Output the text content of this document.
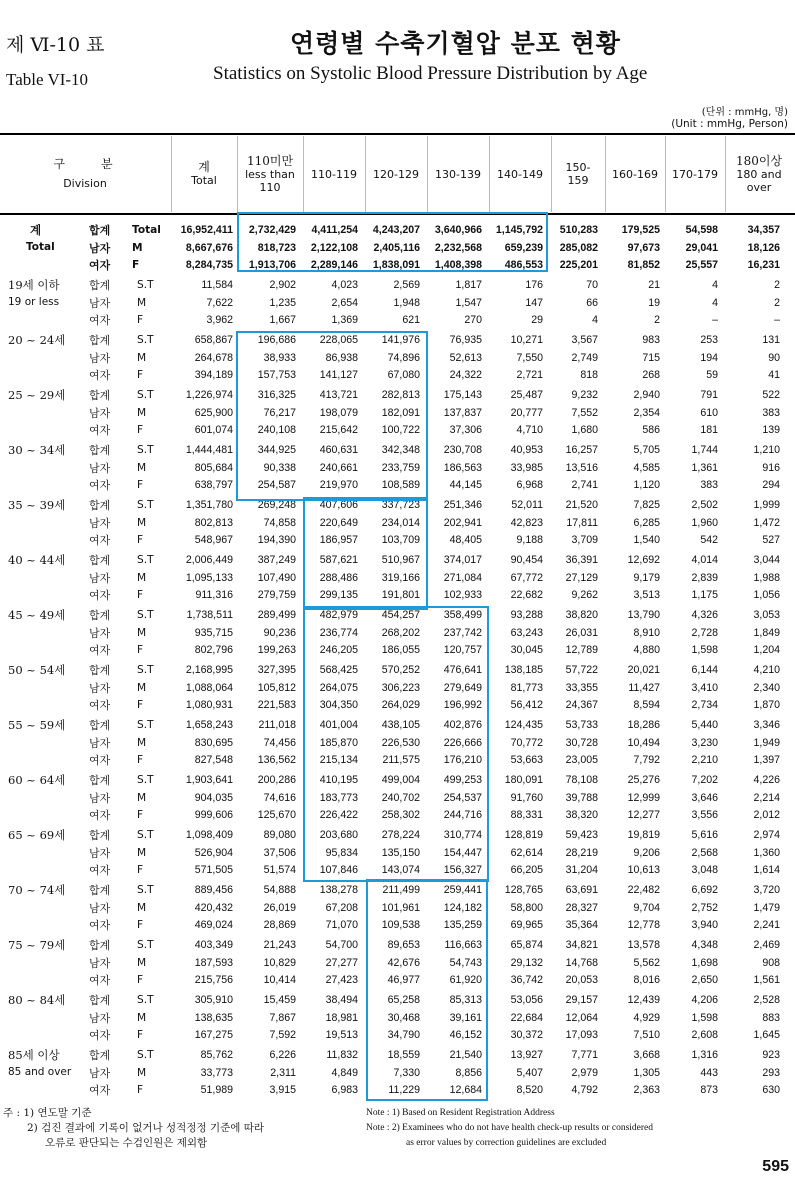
제 Ⅵ-10 표
Table VI-10
연령별 수축기혈압 분포 현황
Statistics on Systolic Blood Pressure Distribution by Age
(단위 : mmHg, 명)
(Unit : mmHg, Person)
구　　분
Division
계
Total
110미만
less than 110
110-119 120-129 130-139 140-149	150-159	160-169 170-179
180이상
180 and over
계
Total
합계 Total 16,952,411 2,732,429 4,411,254 4,243,207 3,640,966 1,145,792 510,283 179,525 54,598	34,357
남자 M	8,667,676 818,723 2,122,108 2,405,116 2,232,568 659,239 285,082	97,673 29,041	18,126
여자 F	8,284,735 1,913,706 2,289,146 1,838,091 1,408,398 486,553 225,201	81,852 25,557	16,231
19세 이하
19 or less
합계	S.T	11,584	2,902	4,023	2,569	1,817	176	70	21	4	2
남자	M	7,622	1,235	2,654	1,948	1,547	147	66	19	4	2
여자	F	3,962	1,667	1,369	621	270	29	4	2	–	–
20 ~ 24세 합계	S.T	658,867 196,686 228,065 141,976	76,935	10,271	3,567	983	253	131
남자	M	264,678	38,933	86,938	74,896	52,613	7,550	2,749	715	194	90
여자	F	394,189 157,753 141,127	67,080	24,322	2,721	818	268	59	41
25 ~ 29세 합계	S.T	1,226,974 316,325 413,721 282,813 175,143	25,487	9,232	2,940	791	522
남자	M	625,900	76,217 198,079 182,091 137,837	20,777	7,552	2,354	610	383
여자	F	601,074 240,108 215,642 100,722	37,306	4,710	1,680	586	181	139
30 ~ 34세 합계	S.T	1,444,481 344,925 460,631 342,348 230,708	40,953 16,257	5,705	1,744	1,210
남자	M	805,684	90,338 240,661 233,759 186,563	33,985 13,516	4,585	1,361	916
여자	F	638,797 254,587 219,970 108,589	44,145	6,968	2,741	1,120	383	294
35 ~ 39세 합계	S.T	1,351,780 269,248 407,606 337,723 251,346	52,011 21,520	7,825	2,502	1,999
남자	M	802,813	74,858 220,649 234,014 202,941	42,823 17,811	6,285	1,960	1,472
여자	F	548,967 194,390 186,957 103,709	48,405	9,188	3,709	1,540	542	527
40 ~ 44세 합계	S.T	2,006,449 387,249 587,621 510,967 374,017	90,454 36,391	12,692	4,014	3,044
남자	M	1,095,133 107,490 288,486 319,166 271,084	67,772 27,129	9,179	2,839	1,988
여자	F	911,316 279,759 299,135 191,801 102,933	22,682	9,262	3,513	1,175	1,056
45 ~ 49세 합계	S.T	1,738,511 289,499 482,979 454,257 358,499	93,288 38,820	13,790	4,326	3,053
남자	M	935,715	90,236 236,774 268,202 237,742	63,243 26,031	8,910	2,728	1,849
여자	F	802,796 199,263 246,205 186,055 120,757	30,045 12,789	4,880	1,598	1,204
50 ~ 54세 합계	S.T	2,168,995 327,395 568,425 570,252 476,641 138,185 57,722	20,021	6,144	4,210
남자	M	1,088,064 105,812 264,075 306,223 279,649	81,773 33,355	11,427	3,410	2,340
여자	F	1,080,931 221,583 304,350 264,029 196,992	56,412 24,367	8,594	2,734	1,870
55 ~ 59세 합계	S.T	1,658,243 211,018 401,004 438,105 402,876 124,435 53,733	18,286	5,440	3,346
남자	M	830,695	74,456 185,870 226,530 226,666	70,772 30,728	10,494	3,230	1,949
여자	F	827,548 136,562 215,134 211,575 176,210	53,663 23,005	7,792	2,210	1,397
60 ~ 64세 합계	S.T	1,903,641 200,286 410,195 499,004 499,253 180,091 78,108	25,276	7,202	4,226
남자	M	904,035	74,616 183,773 240,702 254,537	91,760 39,788	12,999	3,646	2,214
여자	F	999,606 125,670 226,422 258,302 244,716	88,331 38,320	12,277	3,556	2,012
65 ~ 69세 합계	S.T	1,098,409	89,080 203,680 278,224 310,774 128,819 59,423	19,819	5,616	2,974
남자	M	526,904	37,506	95,834 135,150 154,447	62,614 28,219	9,206	2,568	1,360
여자	F	571,505	51,574 107,846 143,074 156,327	66,205 31,204	10,613	3,048	1,614
70 ~ 74세 합계	S.T	889,456	54,888 138,278 211,499 259,441 128,765 63,691	22,482	6,692	3,720
남자	M	420,432	26,019	67,208 101,961 124,182	58,800 28,327	9,704	2,752	1,479
여자	F	469,024	28,869	71,070 109,538 135,259	69,965 35,364	12,778	3,940	2,241
75 ~ 79세 합계	S.T	403,349	21,243	54,700	89,653 116,663	65,874 34,821	13,578	4,348	2,469
남자	M	187,593	10,829	27,277	42,676	54,743	29,132 14,768	5,562	1,698	908
여자	F	215,756	10,414	27,423	46,977	61,920	36,742 20,053	8,016	2,650	1,561
80 ~ 84세 합계	S.T	305,910	15,459	38,494	65,258	85,313	53,056 29,157	12,439	4,206	2,528
남자	M	138,635	7,867	18,981	30,468	39,161	22,684 12,064	4,929	1,598	883
여자	F	167,275	7,592	19,513	34,790	46,152	30,372 17,093	7,510	2,608	1,645
85세 이상
85 and over
합계	S.T	85,762	6,226	11,832	18,559	21,540	13,927	7,771	3,668	1,316	923
남자	M	33,773	2,311	4,849	7,330	8,856	5,407	2,979	1,305	443	293
여자	F	51,989	3,915	6,983	11,229	12,684	8,520	4,792	2,363	873	630
주 : 1) 연도말 기준
2) 검진 결과에 기록이 없거나 성적정정 기준에 따라
오류로 판단되는 수검인원은 제외함
Note : 1) Based on Resident Registration Address
Note : 2) Examinees who do not have health check-up results or considered
as error values by correction guidelines are excluded
595
